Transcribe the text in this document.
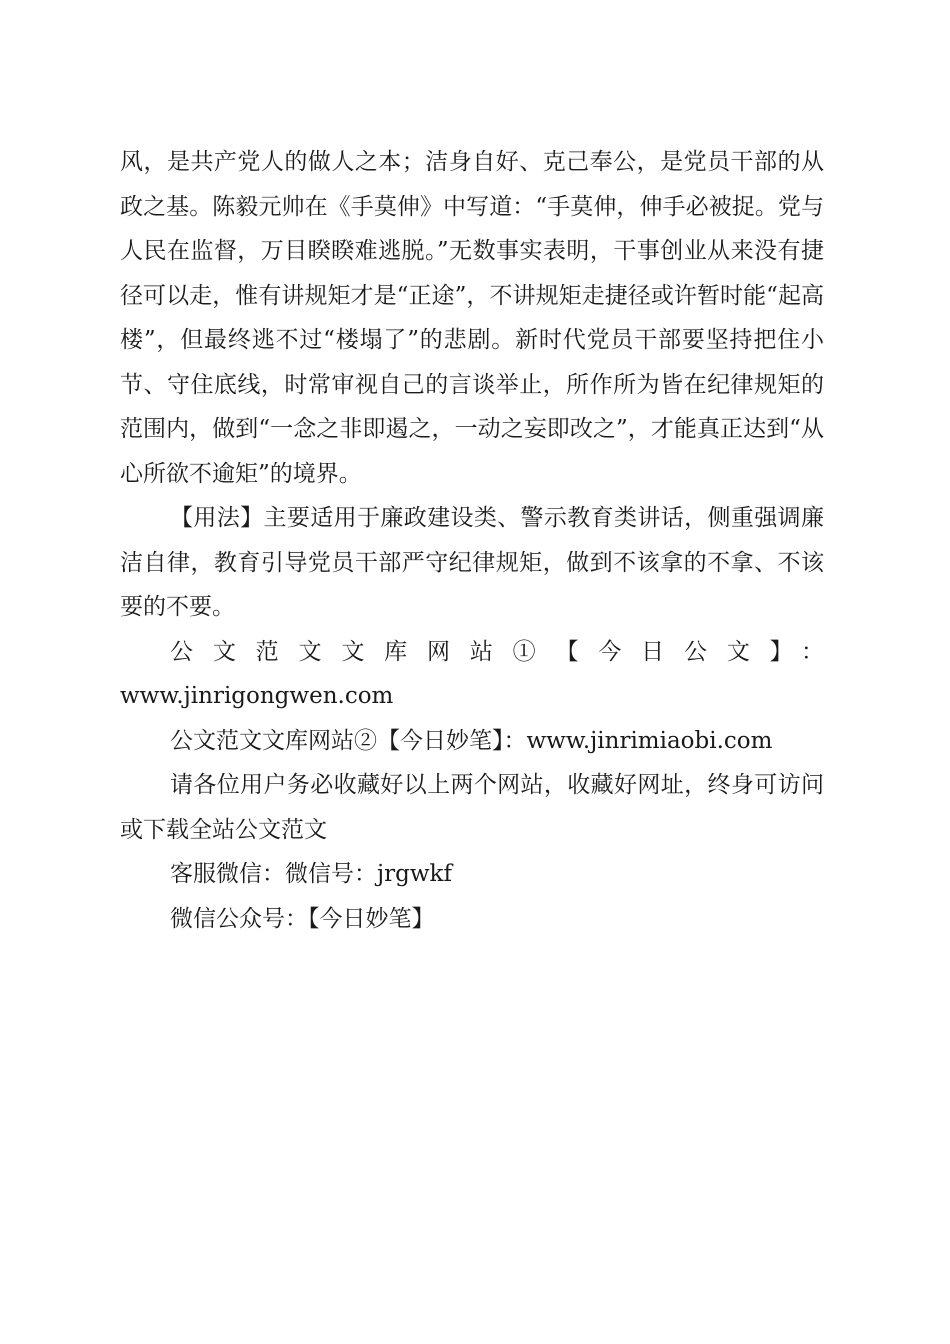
风，是共产党人的做人之本；洁身自好、克己奉公，是党员干部的从政之基。陈毅元帅在《手莫伸》中写道：“手莫伸，伸手必被捉。党与人民在监督，万目睽睽难逃脱。”无数事实表明，干事创业从来没有捷径可以走，惟有讲规矩才是“正途”，不讲规矩走捷径或许暂时能“起高楼”，但最终逃不过“楼塌了”的悲剧。新时代党员干部要坚持把住小节、守住底线，时常审视自己的言谈举止，所作所为皆在纪律规矩的范围内，做到“一念之非即遏之，一动之妄即改之”，才能真正达到“从心所欲不逾矩”的境界。

【用法】主要适用于廉政建设类、警示教育类讲话，侧重强调廉洁自律，教育引导党员干部严守纪律规矩，做到不该拿的不拿、不该要的不要。

公文范文文库网站①【今日公文】：

www.jinrigongwen.com

公文范文文库网站②【今日妙笔】：www.jinrimiaobi.com

请各位用户务必收藏好以上两个网站，收藏好网址，终身可访问或下载全站公文范文

客服微信：微信号：jrgwkf

微信公众号：【今日妙笔】
